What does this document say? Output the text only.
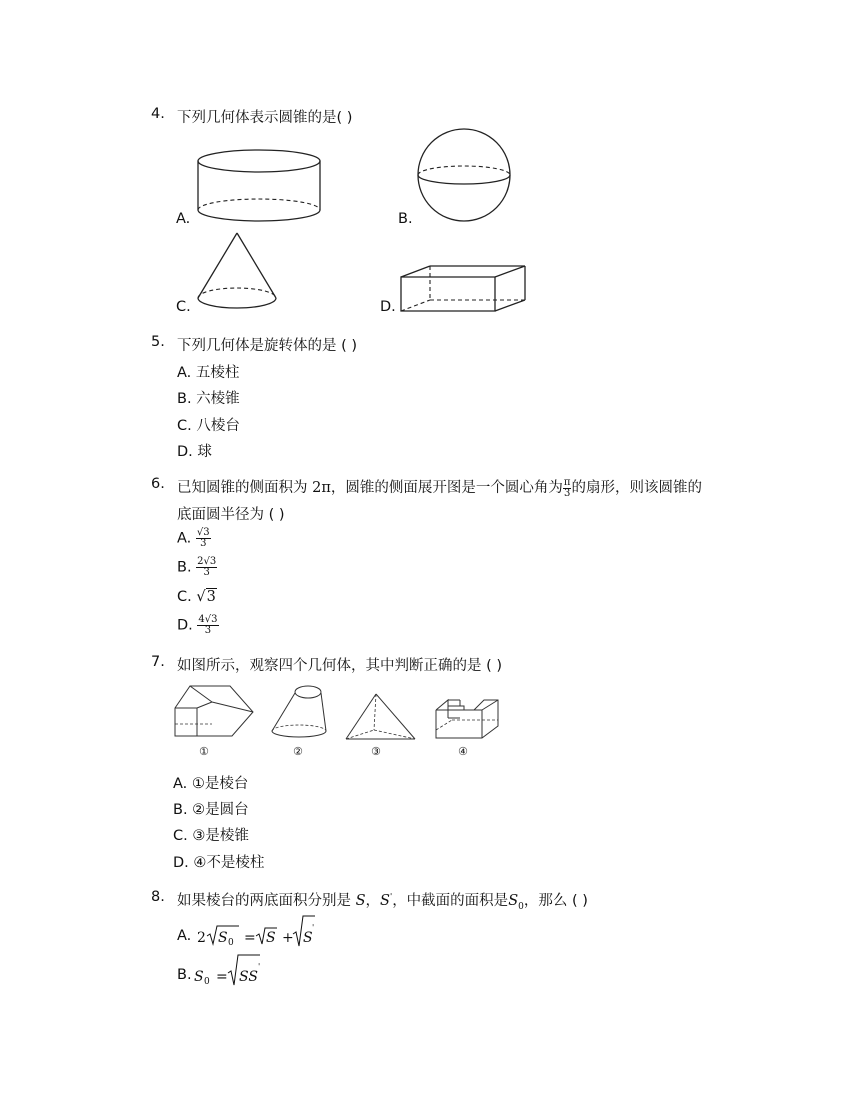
4. 下列几何体表示圆锥的是( )
A.	B.
C.	D.
5. 下列几何体是旋转体的是 ( )
A. 五棱柱
B. 六棱锥
C. 八棱台
D. 球
6. 已知圆锥的侧面积为 2π，圆锥的侧面展开图是一个圆心角为 $\frac{\pi}{3}$ 的扇形，则该圆锥的
底面圆半径为 ( )
A. $\frac{√3}{3}$
B. $\frac{2√3}{3}$
C. √3
D. $\frac{4√3}{3}$
7. 如图所示，观察四个几何体，其中判断正确的是 ( )
①	②	③	④
A. ①是棱台
B. ②是圆台
C. ③是棱锥
D. ④不是棱柱
8. 如果棱台的两底面积分别是 S，S'，中截面的面积是$S_0$，那么 ( )
A. 2 S 0 = S + S
'
B. S 0 = SS
'
